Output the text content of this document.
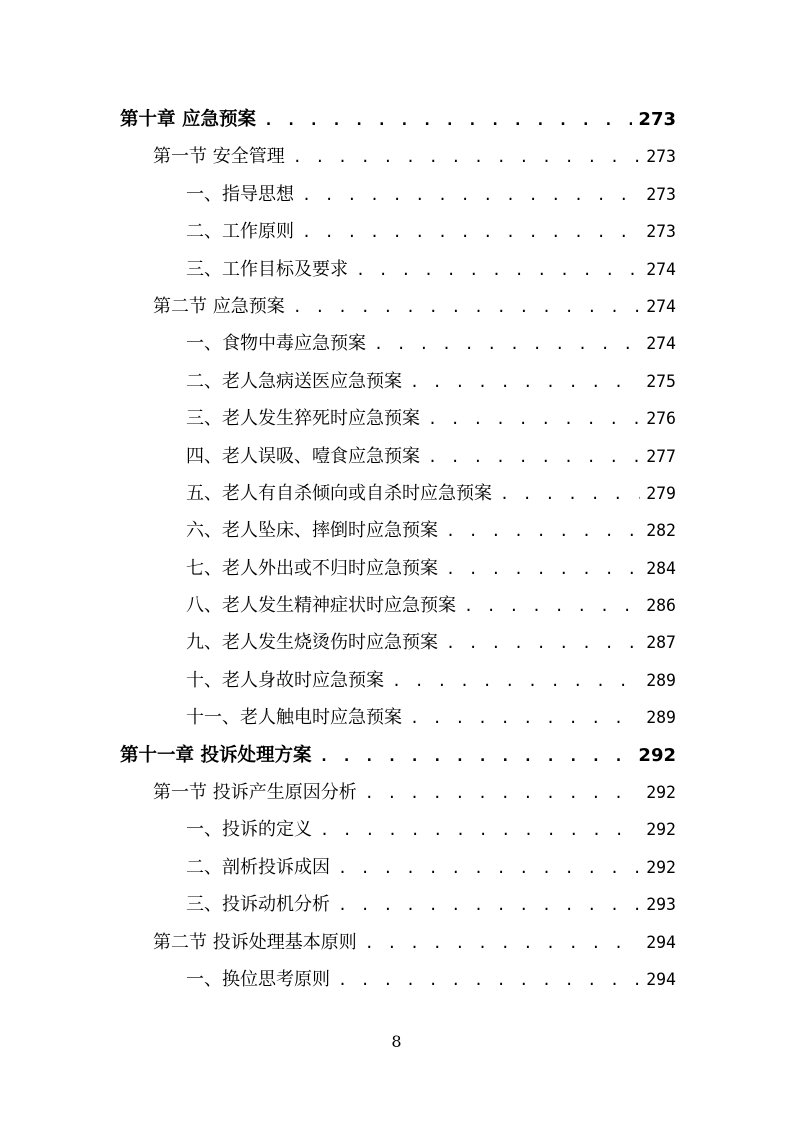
第十章 应急预案 . . .	273
第一节 安全管理 . . .	273
一、指导思想 . . .	273
二、工作原则 . . .	273
三、工作目标及要求 . . .	274
第二节 应急预案 . . .	274
一、食物中毒应急预案 . . .	274
二、老人急病送医应急预案 . . .	275
三、老人发生猝死时应急预案 . . .	276
四、老人误吸、噎食应急预案 . . .	277
五、老人有自杀倾向或自杀时应急预案 . . .	279
六、老人坠床、摔倒时应急预案 . . .	282
七、老人外出或不归时应急预案 . . .	284
八、老人发生精神症状时应急预案 . . .	286
九、老人发生烧烫伤时应急预案 . . .	287
十、老人身故时应急预案 . . .	289
十一、老人触电时应急预案 . . .	289
第十一章 投诉处理方案 . . .	292
第一节 投诉产生原因分析 . . .	292
一、投诉的定义 . . .	292
二、剖析投诉成因 . . .	292
三、投诉动机分析 . . .	293
第二节 投诉处理基本原则 . . .	294
一、换位思考原则 . . .	294
8
